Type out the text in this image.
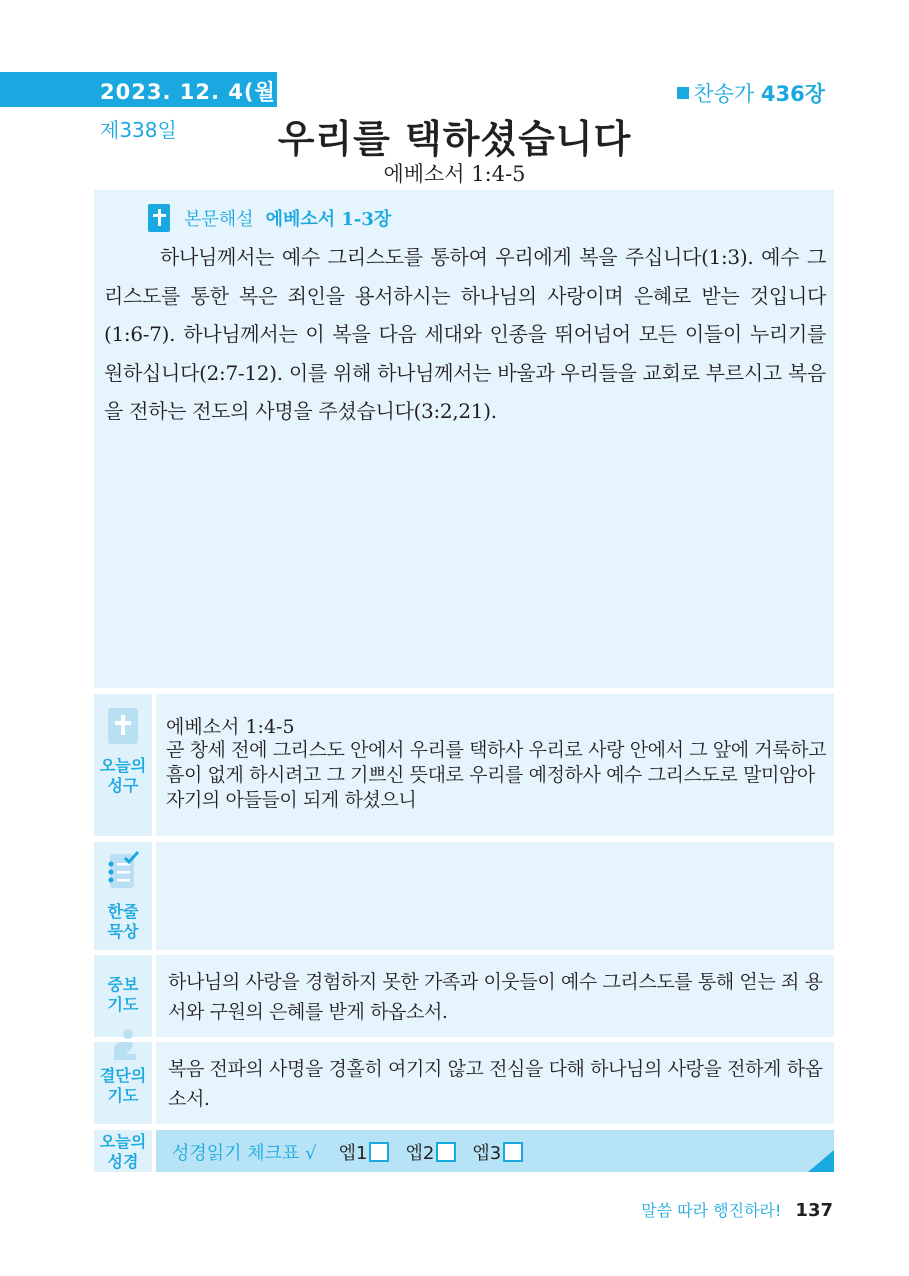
2023. 12. 4(월)
제338일
찬송가 436장
우리를 택하셨습니다
에베소서 1:4-5
본문해설 에베소서 1-3장
하나님께서는 예수 그리스도를 통하여 우리에게 복을 주십니다(1:3). 예수 그리스도를 통한 복은 죄인을 용서하시는 하나님의 사랑이며 은혜로 받는 것입니다(1:6-7). 하나님께서는 이 복을 다음 세대와 인종을 뛰어넘어 모든 이들이 누리기를 원하십니다(2:7-12). 이를 위해 하나님께서는 바울과 우리들을 교회로 부르시고 복음을 전하는 전도의 사명을 주셨습니다(3:2,21).
오늘의
성구
에베소서 1:4-5
곧 창세 전에 그리스도 안에서 우리를 택하사 우리로 사랑 안에서 그 앞에 거룩하고 흠이 없게 하시려고 그 기쁘신 뜻대로 우리를 예정하사 예수 그리스도로 말미암아 자기의 아들들이 되게 하셨으니
한줄
묵상
중보
기도
하나님의 사랑을 경험하지 못한 가족과 이웃들이 예수 그리스도를 통해 얻는 죄 용서와 구원의 은혜를 받게 하옵소서.
결단의
기도
복음 전파의 사명을 경홀히 여기지 않고 전심을 다해 하나님의 사랑을 전하게 하옵소서.
오늘의
성경	성경읽기 체크표 √ 엡1 엡2 엡3
말씀 따라 행진하라! 137
